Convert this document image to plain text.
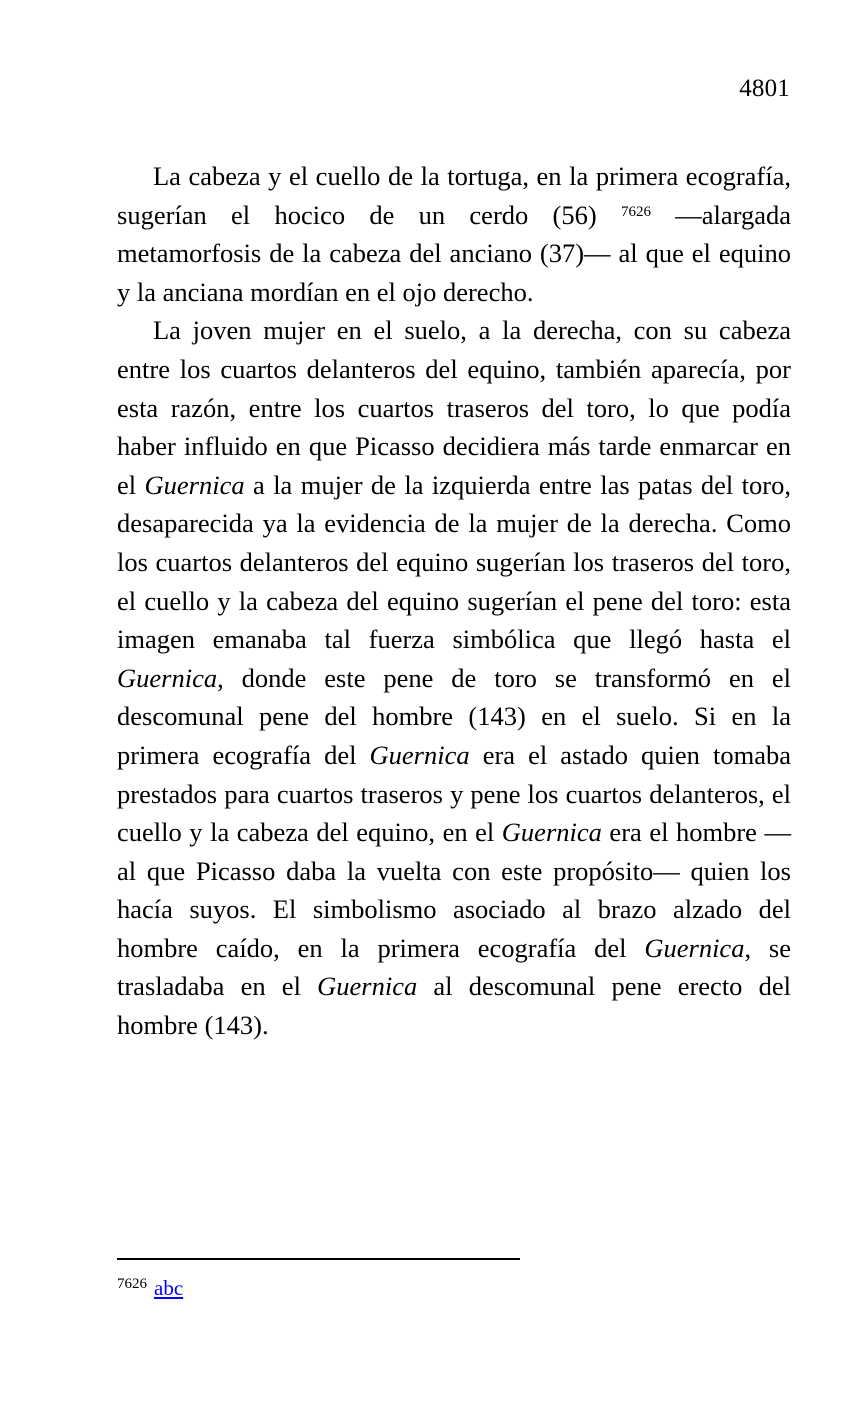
4801

La cabeza y el cuello de la tortuga, en la primera ecografía, sugerían el hocico de un cerdo (56) $^{7626}$ —alargada metamorfosis de la cabeza del anciano (37)— al que el equino y la anciana mordían en el ojo derecho.

La joven mujer en el suelo, a la derecha, con su cabeza entre los cuartos delanteros del equino, también aparecía, por esta razón, entre los cuartos traseros del toro, lo que podía haber influido en que Picasso decidiera más tarde enmarcar en el Guernica a la mujer de la izquierda entre las patas del toro, desaparecida ya la evidencia de la mujer de la derecha. Como los cuartos delanteros del equino sugerían los traseros del toro, el cuello y la cabeza del equino sugerían el pene del toro: esta imagen emanaba tal fuerza simbólica que llegó hasta el Guernica, donde este pene de toro se transformó en el descomunal pene del hombre (143) en el suelo. Si en la primera ecografía del Guernica era el astado quien tomaba prestados para cuartos traseros y pene los cuartos delanteros, el cuello y la cabeza del equino, en el Guernica era el hombre —al que Picasso daba la vuelta con este propósito— quien los hacía suyos. El simbolismo asociado al brazo alzado del hombre caído, en la primera ecografía del Guernica, se trasladaba en el Guernica al descomunal pene erecto del hombre (143).

$^{7626}$ abc
